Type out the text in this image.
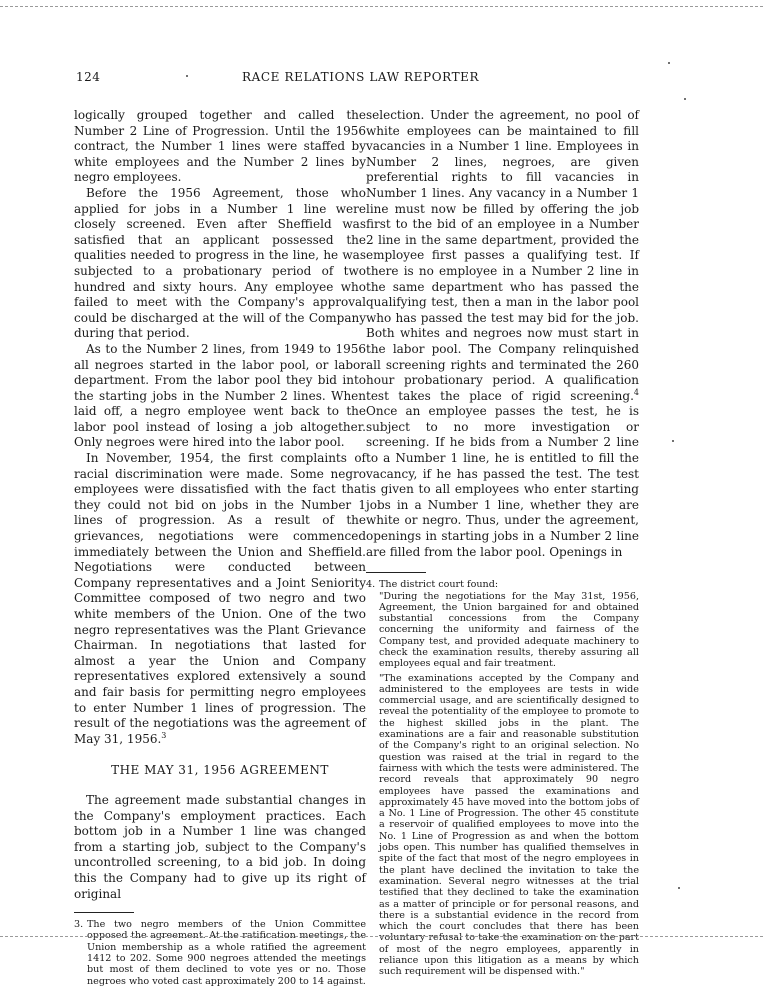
124	RACE RELATIONS LAW REPORTER

logically grouped together and called the Number 2 Line of Progression. Until the 1956 contract, the Number 1 lines were staffed by white employees and the Number 2 lines by negro employees.

Before the 1956 Agreement, those who applied for jobs in a Number 1 line were closely screened. Even after Sheffield was satisfied that an applicant possessed the qualities needed to progress in the line, he was subjected to a probationary period of two hundred and sixty hours. Any employee who failed to meet with the Company's approval could be discharged at the will of the Company during that period.

As to the Number 2 lines, from 1949 to 1956 all negroes started in the labor pool, or labor department. From the labor pool they bid into the starting jobs in the Number 2 lines. When laid off, a negro employee went back to the labor pool instead of losing a job altogether. Only negroes were hired into the labor pool.

In November, 1954, the first complaints of racial discrimination were made. Some negro employees were dissatisfied with the fact that they could not bid on jobs in the Number 1 lines of progression. As a result of the grievances, negotiations were commenced immediately between the Union and Sheffield. Negotiations were conducted between Company representatives and a Joint Seniority Committee composed of two negro and two white members of the Union. One of the two negro representatives was the Plant Grievance Chairman. In negotiations that lasted for almost a year the Union and Company representatives explored extensively a sound and fair basis for permitting negro employees to enter Number 1 lines of progression. The result of the negotiations was the agreement of May 31, 1956.$^3$

THE MAY 31, 1956 AGREEMENT

The agreement made substantial changes in the Company's employment practices. Each bottom job in a Number 1 line was changed from a starting job, subject to the Company's uncontrolled screening, to a bid job. In doing this the Company had to give up its right of original

3. The two negro members of the Union Committee opposed the agreement. At the ratification meetings, the Union membership as a whole ratified the agreement 1412 to 202. Some 900 negroes attended the meetings but most of them declined to vote yes or no. Those negroes who voted cast approximately 200 to 14 against.

selection. Under the agreement, no pool of white employees can be maintained to fill vacancies in a Number 1 line. Employees in Number 2 lines, negroes, are given preferential rights to fill vacancies in Number 1 lines. Any vacancy in a Number 1 line must now be filled by offering the job first to the bid of an employee in a Number 2 line in the same department, provided the employee first passes a qualifying test. If there is no employee in a Number 2 line in the same department who has passed the qualifying test, then a man in the labor pool who has passed the test may bid for the job. Both whites and negroes now must start in the labor pool. The Company relinquished all screening rights and terminated the 260 hour probationary period. A qualification test takes the place of rigid screening.$^4$ Once an employee passes the test, he is subject to no more investigation or screening. If he bids from a Number 2 line to a Number 1 line, he is entitled to fill the vacancy, if he has passed the test. The test is given to all employees who enter starting jobs in a Number 1 line, whether they are white or negro. Thus, under the agreement, openings in starting jobs in a Number 2 line are filled from the labor pool. Openings in

4. The district court found:

"During the negotiations for the May 31st, 1956, Agreement, the Union bargained for and obtained substantial concessions from the Company concerning the uniformity and fairness of the Company test, and provided adequate machinery to check the examination results, thereby assuring all employees equal and fair treatment.

"The examinations accepted by the Company and administered to the employees are tests in wide commercial usage, and are scientifically designed to reveal the potentiality of the employee to promote to the highest skilled jobs in the plant. The examinations are a fair and reasonable substitution of the Company's right to an original selection. No question was raised at the trial in regard to the fairness with which the tests were administered. The record reveals that approximately 90 negro employees have passed the examinations and approximately 45 have moved into the bottom jobs of a No. 1 Line of Progression. The other 45 constitute a reservoir of qualified employees to move into the No. 1 Line of Progression as and when the bottom jobs open. This number has qualified themselves in spite of the fact that most of the negro employees in the plant have declined the invitation to take the examination. Several negro witnesses at the trial testified that they declined to take the examination as a matter of principle or for personal reasons, and there is a substantial evidence in the record from which the court concludes that there has been voluntary refusal to take the examination on the part of most of the negro employees, apparently in reliance upon this litigation as a means by which such requirement will be dispensed with."
